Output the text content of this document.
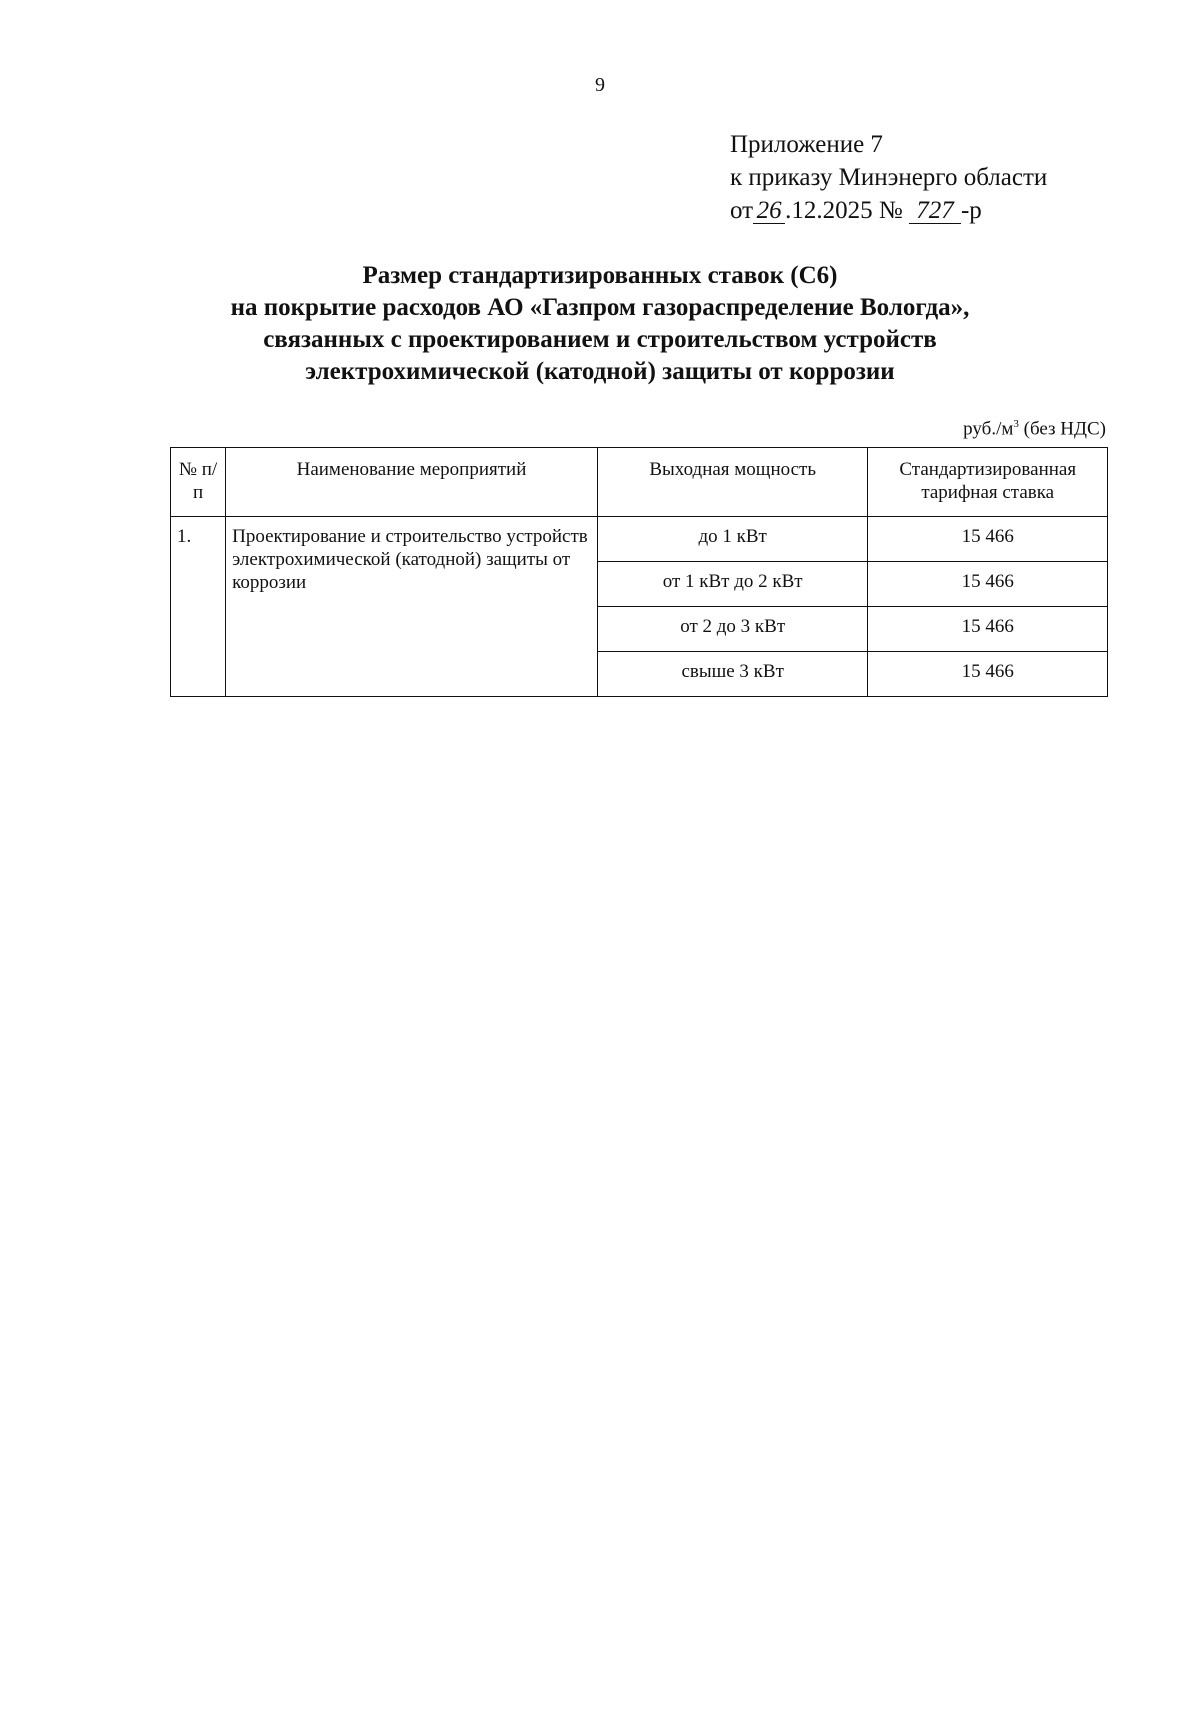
9
Приложение 7
к приказу Минэнерго области
от 26 .12.2025 № 727 -р
Размер стандартизированных ставок (С6)
на покрытие расходов АО «Газпром газораспределение Вологда»,
связанных с проектированием и строительством устройств
электрохимической (катодной) защиты от коррозии
$руб./м^3$ (без НДС)
№ п/п	Наименование мероприятий	Выходная мощность	Стандартизированная тарифная ставка
1.	Проектирование и строительство устройств электрохимической (катодной) защиты от коррозии	до 1 кВт	15 466
		от 1 кВт до 2 кВт	15 466
		от 2 до 3 кВт	15 466
		свыше 3 кВт	15 466
